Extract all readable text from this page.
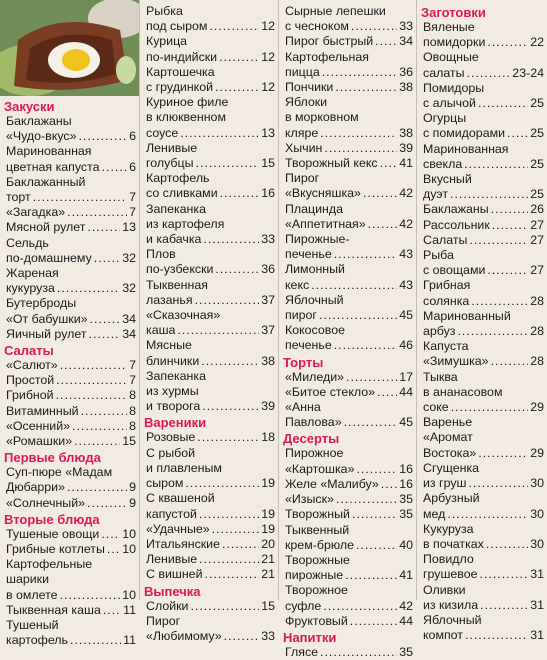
Закуски
Баклажаны
«Чудо-вкус» .....	6
Маринованная
цветная капуста ..... 6
Баклажанный
торт .....	7
«Загадка» .....	7
Мясной рулет .....	13
Сельдь
по-домашнему ..... 32
Жареная
кукуруза .....	32
Бутерброды
«От бабушки» .....	34
Яичный рулет .....	34
Салаты
«Салют» .....	7
Простой .....	7
Грибной .....	8
Витаминный .....	8
«Осенний» .....	8
«Ромашки» .....	15
Первые блюда
Суп-пюре «Мадам
Дюбарри» .....	9
«Солнечный» .....	9
Вторые блюда
Тушеные овощи ..... 10
Грибные котлеты ..... 10
Картофельные
шарики
в омлете .....	10
Тыквенная каша ..... 11
Тушеный
картофель .....	11
Рыбка
под сыром .....	12
Курица
по-индийски .....	12
Картошечка
с грудинкой .....	12
Куриное филе
в клюквенном
соусе .....	13
Ленивые
голубцы .....	15
Картофель
со сливками .....	16
Запеканка
из картофеля
и кабачка .....	33
Плов
по-узбекски .....	36
Тыквенная
лазанья .....	37
«Сказочная»
каша .....	37
Мясные
блинчики .....	38
Запеканка
из хурмы
и творога .....	39
Вареники
Розовые .....	18
С рыбой
и плавленым
сыром .....	19
С квашеной
капустой .....	19
«Удачные» .....	19
Итальянские .....	20
Ленивые .....	21
С вишней .....	21
Выпечка
Слойки .....	15
Пирог
«Любимому» .....	33
Сырные лепешки
с чесноком .....	33
Пирог быстрый ..... 34
Картофельная
пицца .....	36
Пончики .....	38
Яблоки
в морковном
кляре .....	38
Хычин .....	39
Творожный кекс ..... 41
Пирог
«Вкусняшка» .....	42
Плацинда
«Аппетитная» .....	42
Пирожные-
печенье .....	43
Лимонный
кекс .....	43
Яблочный
пирог .....	45
Кокосовое
печенье .....	46
Торты
«Миледи» .....	17
«Битое стекло» ..... 44
«Анна
Павлова» .....	45
Десерты
Пирожное
«Картошка» .....	16
Желе «Малибу» ..... 16
«Изыск» .....	35
Творожный .....	35
Тыквенный
крем-брюле .....	40
Творожные
пирожные .....	41
Творожное
суфле .....	42
Фруктовый .....	44
Напитки
Глясе .....	35
Заготовки
Вяленые
помидорки .....	22
Овощные
салаты .....	23-24
Помидоры
с алычой .....	25
Огурцы
с помидорами ..... 25
Маринованная
свекла .....	25
Вкусный
дуэт .....	25
Баклажаны .....	26
Рассольник .....	27
Салаты .....	27
Рыба
с овощами .....	27
Грибная
солянка .....	28
Маринованный
арбуз .....	28
Капуста
«Зимушка» .....	28
Тыква
в ананасовом
соке .....	29
Варенье
«Аромат
Востока» .....	29
Сгущенка
из груш .....	30
Арбузный
мед .....	30
Кукуруза
в початках .....	30
Повидло
грушевое .....	31
Оливки
из кизила .....	31
Яблочный
компот .....	31
